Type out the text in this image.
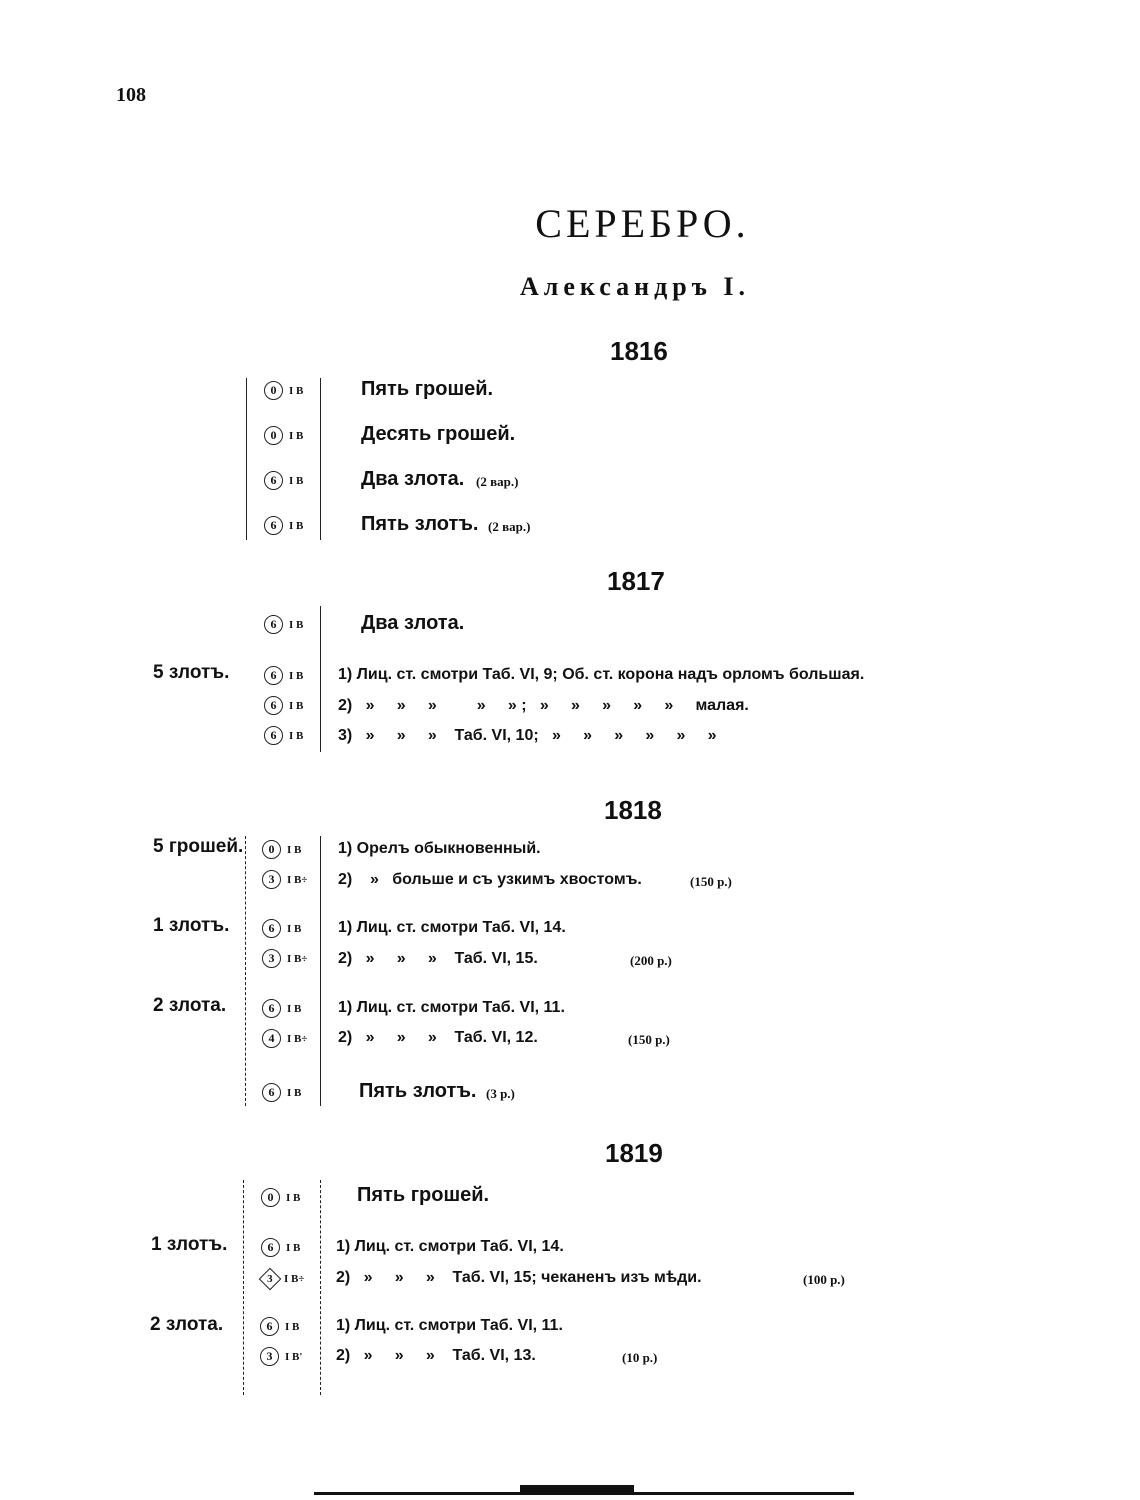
108
СЕРЕБРО.
Александръ I.
1816
0	I B	Пять грошей.
0	I B	Десять грошей.
6	I B	Два злота. (2 вар.)
6	I B	Пять злотъ. (2 вар.)
1817
6	I B	Два злота.
5 злотъ.	6	I B 1) Лиц. ст. смотри Таб. VI, 9; Об. ст. корона надъ орломъ большая.
6	I B 2)   »     »     »         »     » ;   »     »     »     »     »     малая.
6	I B 3)   »     »     »    Таб. VI, 10;   »     »     »     »     »     »
1818
5 грошей.	0	I B 1) Орелъ обыкновенный.
3	I B÷ 2)    »   больше и съ узкимъ хвостомъ.	(150 р.)
1 злотъ.	6	I B 1) Лиц. ст. смотри Таб. VI, 14.
3	I B÷ 2)   »     »     »    Таб. VI, 15.	(200 р.)
2 злота.	6	I B 1) Лиц. ст. смотри Таб. VI, 11.
4	I B÷ 2)   »     »     »    Таб. VI, 12.	(150 р.)
6	I B	Пять злотъ. (3 р.)
1819
0	I B	Пять грошей.
1 злотъ.	6	I B 1) Лиц. ст. смотри Таб. VI, 14.
3 I B÷ 2)   »     »     »    Таб. VI, 15; чеканенъ изъ мѣди.	(100 р.)
2 злота.	6	I B 1) Лиц. ст. смотри Таб. VI, 11.
3	I B' 2)   »     »     »    Таб. VI, 13.	(10 р.)
